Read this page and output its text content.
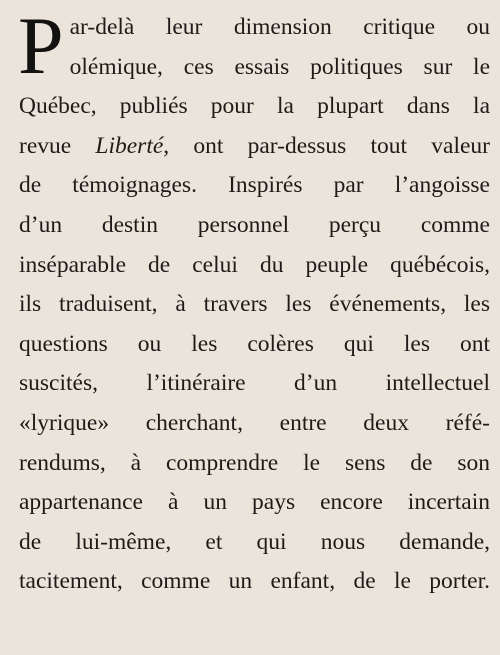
P ar-delà leur dimension critique ou
olémique, ces essais politiques sur le
Québec, publiés pour la plupart dans la
revue Liberté, ont par-dessus tout valeur
de témoignages. Inspirés par l’angoisse
d’un destin personnel perçu comme
inséparable de celui du peuple québécois,
ils traduisent, à travers les événements, les
questions ou les colères qui les ont
suscités, l’itinéraire d’un intellectuel
«lyrique» cherchant, entre deux réfé-
rendums, à comprendre le sens de son
appartenance à un pays encore incertain
de lui-même, et qui nous demande,
tacitement, comme un enfant, de le porter.
